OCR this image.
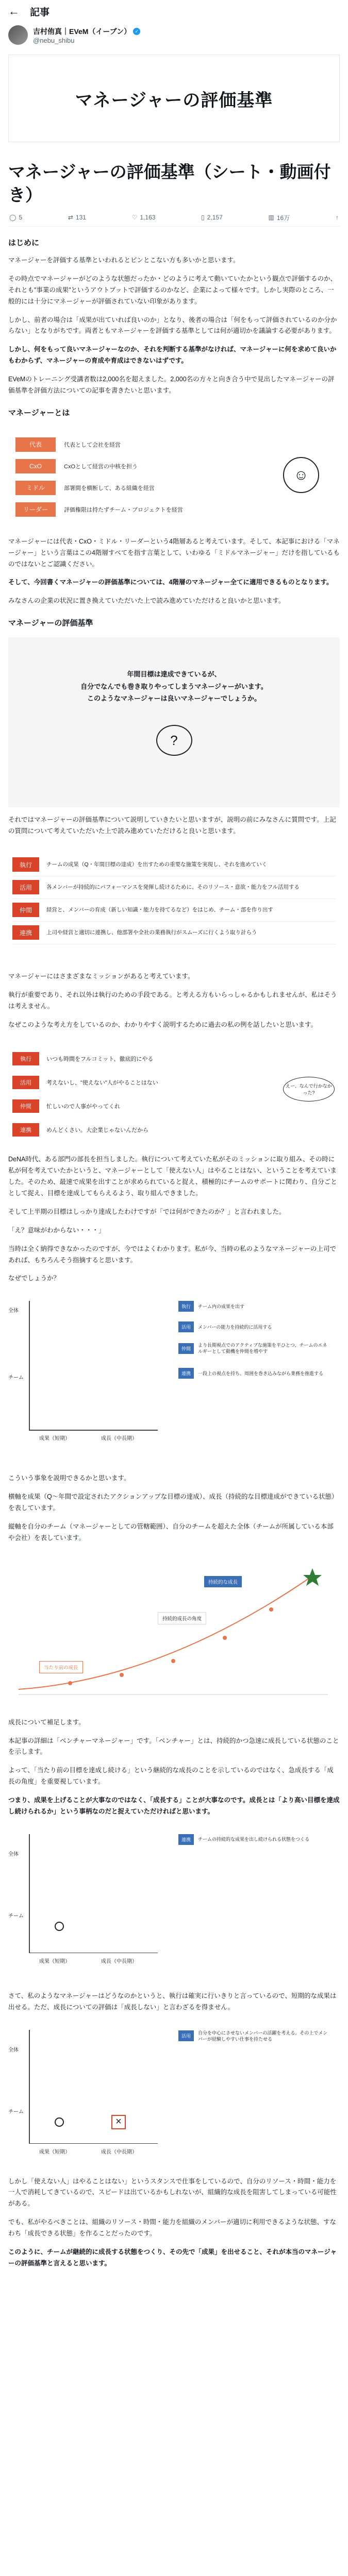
← 記事
吉村侑真｜EVeM（イーブン） ✓
@nebu_shibu
マネージャーの評価基準
マネージャーの評価基準（シート・動画付き）
◯ 5	⇄ 131	♡ 1,163	▯ 2,157	▥ 16万	↑
はじめに

マネージャーを評価する基準といわれるとピンとこない方も多いかと思います。

その時点でマネージャーがどのような状態だったか・どのように考えて動いていたかという観点で評価するのか、それとも"事業の成果"というアウトプットで評価するのかなど、企業によって様々です。しかし実際のところ、一般的には十分にマネージャーが評価されていない印象があります。

しかし、前者の場合は「成果が出ていれば良いのか」となり、後者の場合は「何をもって評価されているのか分からない」となりがちです。両者ともマネージャーを評価する基準としては何が適切かを議論する必要があります。

しかし、何をもって良いマネージャーなのか、それを判断する基準がなければ、マネージャーに何を求めて良いかもわからず、マネージャーの育成や育成はできないはずです。

EVeMのトレーニング受講者数は2,000名を超えました。2,000名の方々と向き合う中で見出したマネージャーの評価基準を評価方法についての記事を書きたいと思います。

マネージャーとは
代表	代表として会社を経営
CxO	CxOとして経営の中核を担う
ミドル	部署間を横断して、ある組織を経営
リーダー	評価権限は持たずチーム・プロジェクトを経営
☺

マネージャーには代表・CxO・ミドル・リーダーという4階層あると考えています。そして、本記事における「マネージャー」という言葉はこの4階層すべてを指す言葉として、いわゆる「ミドルマネージャー」だけを指しているものではないとご認識ください。

そして、今回書くマネージャーの評価基準については、4階層のマネージャー全てに適用できるものとなります。

みなさんの企業の状況に置き換えていただいた上で読み進めていただけると良いかと思います。

マネージャーの評価基準
年間目標は達成できているが、
自分でなんでも巻き取りやってしまうマネージャーがいます。
このようなマネージャーは良いマネージャーでしょうか。
?

それではマネージャーの評価基準について説明していきたいと思いますが、説明の前にみなさんに質問です。上記の質問について考えていただいた上で読み進めていただけると良いと思います。

執行	チームの成果（Q・年間目標の達成）を出すための重要な施策を実現し、それを進めていく
活用	各メンバーが持続的にパフォーマンスを発揮し続けるために、そのリソース・意欲・能力をフル活用する
仲間	経営と、メンバーの育成（新しい知識・能力を持てるなど）をはじめ、チーム・部を作り出す
連携	上司や経営と適切に連携し、他部署や全社の業務執行がスムーズに行くよう取り計らう

マネージャーにはさまざまなミッションがあると考えています。

執行が重要であり、それ以外は執行のための手段である。と考える方もいらっしゃるかもしれませんが、私はそうは考えません。

なぜこのような考え方をしているのか、わかりやすく説明するために過去の私の例を話したいと思います。

執行	いつも時間をフルコミット、徹底的にやる
活用	考えないし、"使えない"人がやることはない
仲間	忙しいので人事がやってくれ
連携	めんどくさい。大企業じゃないんだから
えー、なんで行かなかった?

DeNA時代、ある部門の部長を担当しました。執行について考えていた私がそのミッションに取り組み、その時に私が何を考えていたかというと、マネージャーとして「使えない人」はやることはない、ということを考えていました。そのため、最速で成果を出すことが求められていると捉え、積極的にチームのサポートに関わり、自分ごととして捉え、目標を達成してもらえるよう、取り組んできました。

そして上半期の目標はしっかり達成したわけですが「では何ができたのか？」と言われました。

「え？意味がわからない・・・」

当時は全く納得できなかったのですが、今ではよくわかります。私が今、当時の私のようなマネージャーの上司であれば、もちろんそう指摘すると思います。

なぜでしょうか？

全体
チーム
成果（短期）	成長（中長期）
執行	チーム内の成果を出す
活用	メンバーの能力を持続的に活用する
仲間
より長期視点でのアクティブな施策を平ひとつ、チームのエネルギーとして動機を仲間を増やす
連携	一段上の視点を持ち、周囲を巻き込みながら業務を推進する

こういう事象を説明できるかと思います。

横軸を成果（Q～年間で設定されたアクションアップな目標の達成）、成長（持続的な目標達成ができている状態）を表しています。

縦軸を自分のチーム（マネージャーとしての管轄範囲）、自分のチームを超えた全体（チームが所属している本部や会社）を表しています。

持続的な成長
持続的成長の角度
当たり前の成長

成長について補足します。

本記事の詳細は「ベンチャーマネージャー」です。「ベンチャー」とは、持続的かつ急速に成長している状態のことを示します。

よって、「当たり前の目標を達成し続ける」という継続的な成長のことを示しているのではなく、急成長する「成長の角度」を重要視しています。

つまり、成果を上げることが大事なのではなく、「成長する」ことが大事なのです。成長とは「より高い目標を達成し続けられるか」という事柄なのだと捉えていただければと思います。

全体
チーム
成果（短期）	成長（中長期）
連携	チームの持続的な成果を出し続けられる状態をつくる

さて、私のようなマネージャーはどうなのかというと、執行は確実に行いきりと言っているので、短期的な成果は出せる。ただ、成長についての評価は「成長しない」と言わざるを得ません。

全体
チーム
成果（短期）	成長（中長期）
×
活用
自分を中心にさせないメンバーの活躍を考える。その上でメンバーが経験しやすい仕事を持たせる

しかし「使えない人」はやることはない」というスタンスで仕事をしているので、自分のリソース・時間・能力を一人で消耗してきているので、スピードは出ているかもしれないが、組織的な成長を阻害してしまっている可能性がある。

でも、私がやるべきことは、組織のリソース・時間・能力を組織のメンバーが適切に利用できるような状態、すなわち「成長できる状態」を作ることだったのです。

このように、チームが継続的に成長する状態をつくり、その先で「成果」を出せること、それが本当のマネージャーの評価基準と言えると思います。
